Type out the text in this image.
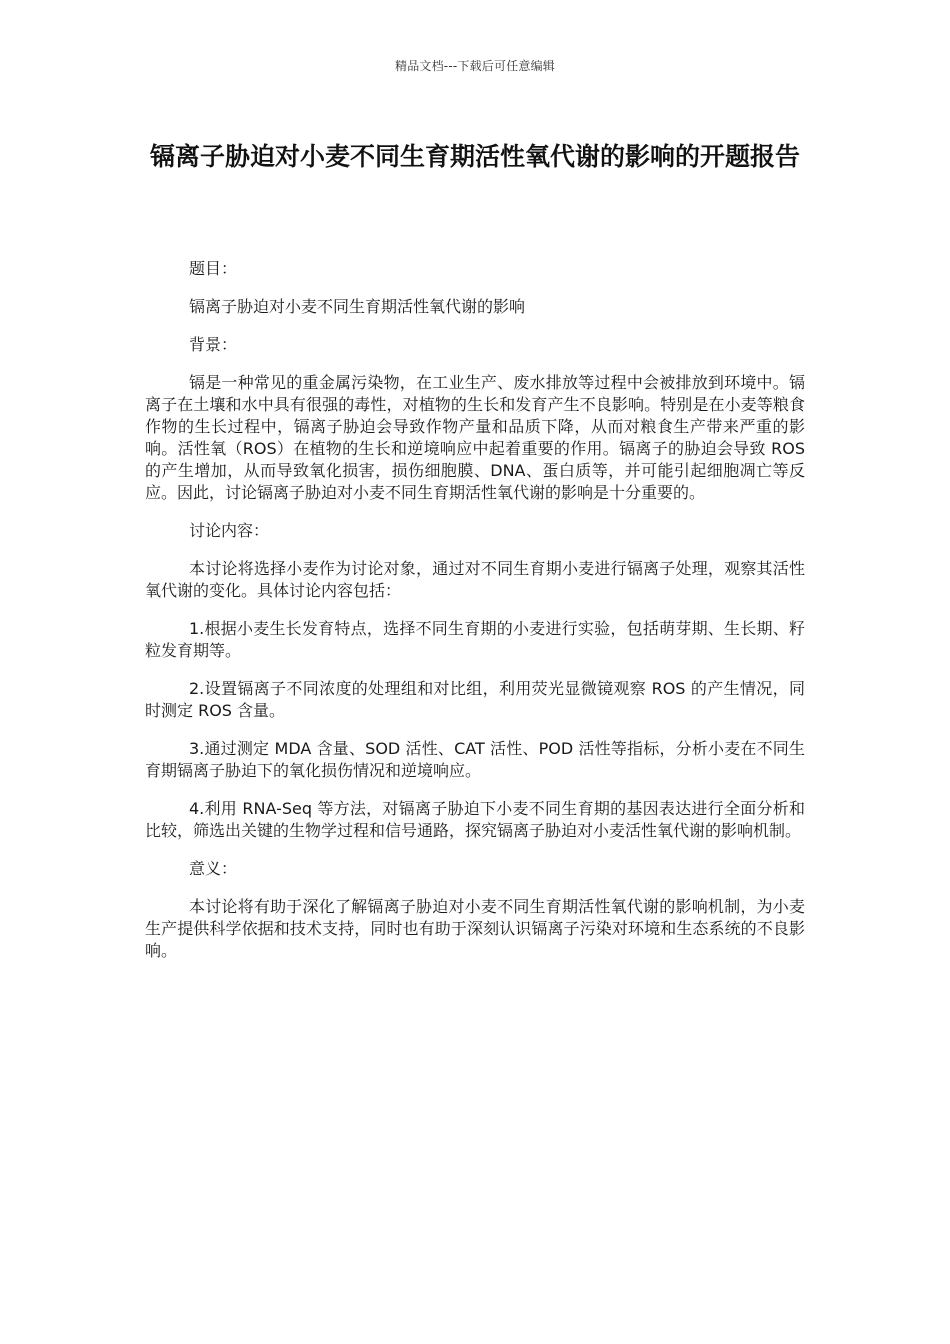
精品文档---下载后可任意编辑
镉离子胁迫对小麦不同生育期活性氧代谢的影响的开题报告

题目：

镉离子胁迫对小麦不同生育期活性氧代谢的影响

背景：

镉是一种常见的重金属污染物，在工业生产、废水排放等过程中会被排放到环境中。镉离子在土壤和水中具有很强的毒性，对植物的生长和发育产生不良影响。特别是在小麦等粮食作物的生长过程中，镉离子胁迫会导致作物产量和品质下降，从而对粮食生产带来严重的影响。活性氧（ROS）在植物的生长和逆境响应中起着重要的作用。镉离子的胁迫会导致 ROS 的产生增加，从而导致氧化损害，损伤细胞膜、DNA、蛋白质等，并可能引起细胞凋亡等反应。因此，讨论镉离子胁迫对小麦不同生育期活性氧代谢的影响是十分重要的。

讨论内容：

本讨论将选择小麦作为讨论对象，通过对不同生育期小麦进行镉离子处理，观察其活性氧代谢的变化。具体讨论内容包括：

1.根据小麦生长发育特点，选择不同生育期的小麦进行实验，包括萌芽期、生长期、籽粒发育期等。

2.设置镉离子不同浓度的处理组和对比组，利用荧光显微镜观察 ROS 的产生情况，同时测定 ROS 含量。

3.通过测定 MDA 含量、SOD 活性、CAT 活性、POD 活性等指标，分析小麦在不同生育期镉离子胁迫下的氧化损伤情况和逆境响应。

4.利用 RNA-Seq 等方法，对镉离子胁迫下小麦不同生育期的基因表达进行全面分析和比较，筛选出关键的生物学过程和信号通路，探究镉离子胁迫对小麦活性氧代谢的影响机制。

意义：

本讨论将有助于深化了解镉离子胁迫对小麦不同生育期活性氧代谢的影响机制，为小麦生产提供科学依据和技术支持，同时也有助于深刻认识镉离子污染对环境和生态系统的不良影响。
